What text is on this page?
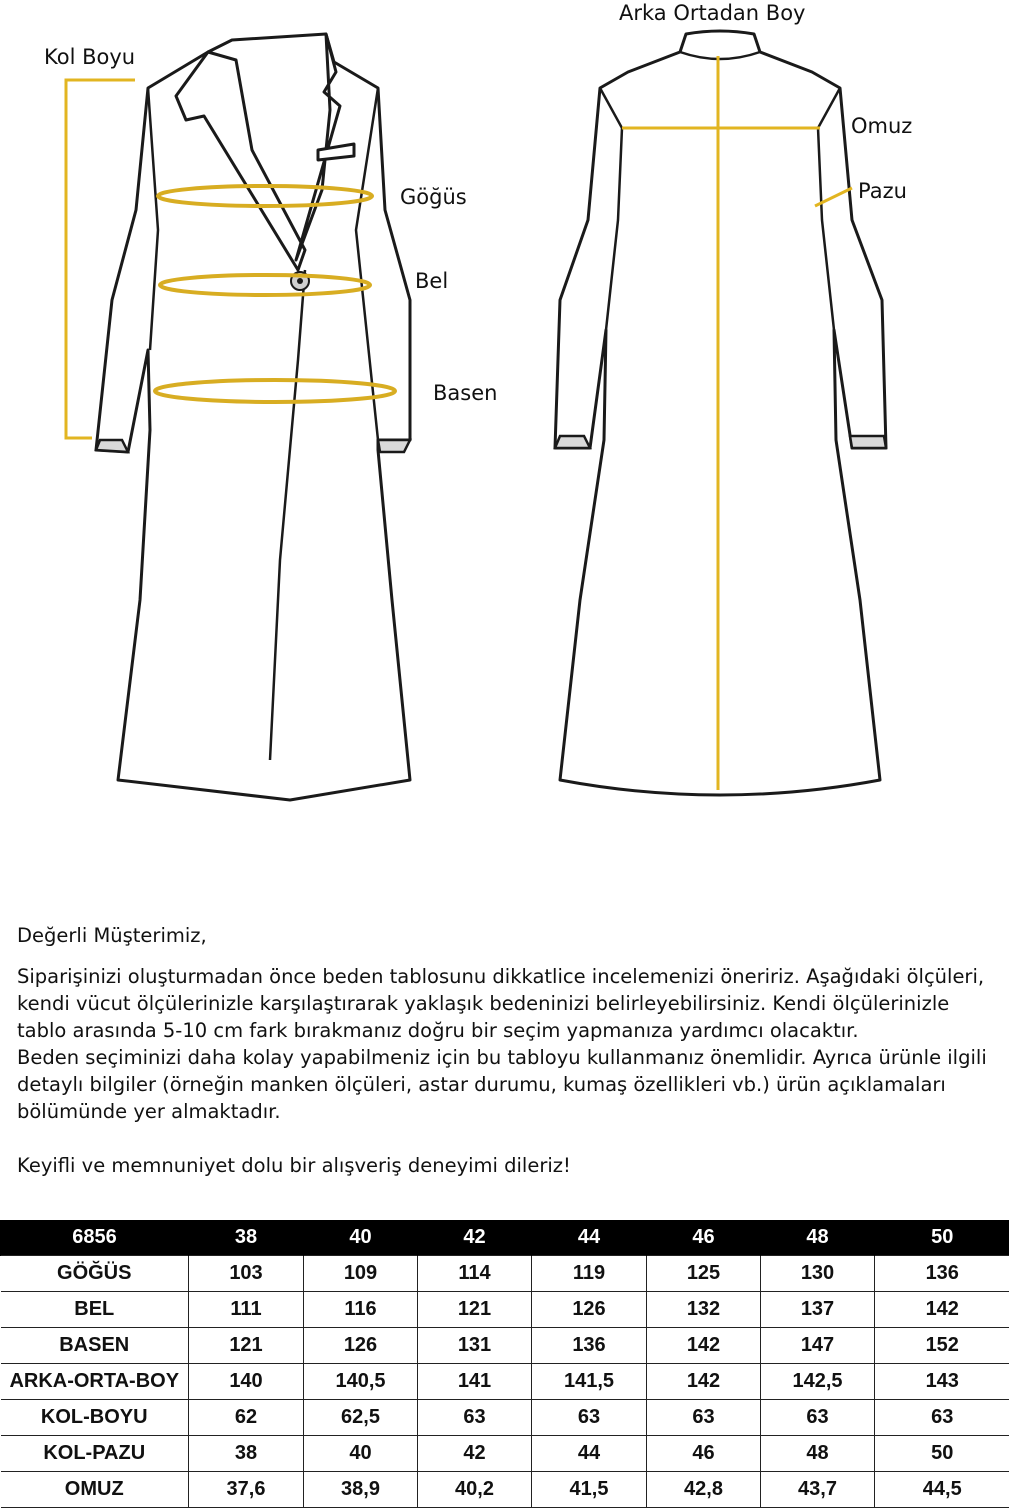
Kol Boyu
Göğüs
Bel
Basen
Arka Ortadan Boy
Omuz
Pazu

Değerli Müşterimiz,

Siparişinizi oluşturmadan önce beden tablosunu dikkatlice incelemenizi öneririz. Aşağıdaki ölçüleri, kendi vücut ölçülerinizle karşılaştırarak yaklaşık bedeninizi belirleyebilirsiniz. Kendi ölçülerinizle tablo arasında 5-10 cm fark bırakmanız doğru bir seçim yapmanıza yardımcı olacaktır.

Beden seçiminizi daha kolay yapabilmeniz için bu tabloyu kullanmanız önemlidir. Ayrıca ürünle ilgili detaylı bilgiler (örneğin manken ölçüleri, astar durumu, kumaş özellikleri vb.) ürün açıklamaları bölümünde yer almaktadır.

Keyifli ve memnuniyet dolu bir alışveriş deneyimi dileriz!

6856	38	40	42	44	46	48	50
GÖĞÜS	103	109	114	119	125	130	136
BEL	111	116	121	126	132	137	142
BASEN	121	126	131	136	142	147	152
ARKA-ORTA-BOY	140	140,5	141	141,5	142	142,5	143
KOL-BOYU	62	62,5	63	63	63	63	63
KOL-PAZU	38	40	42	44	46	48	50
OMUZ	37,6	38,9	40,2	41,5	42,8	43,7	44,5
